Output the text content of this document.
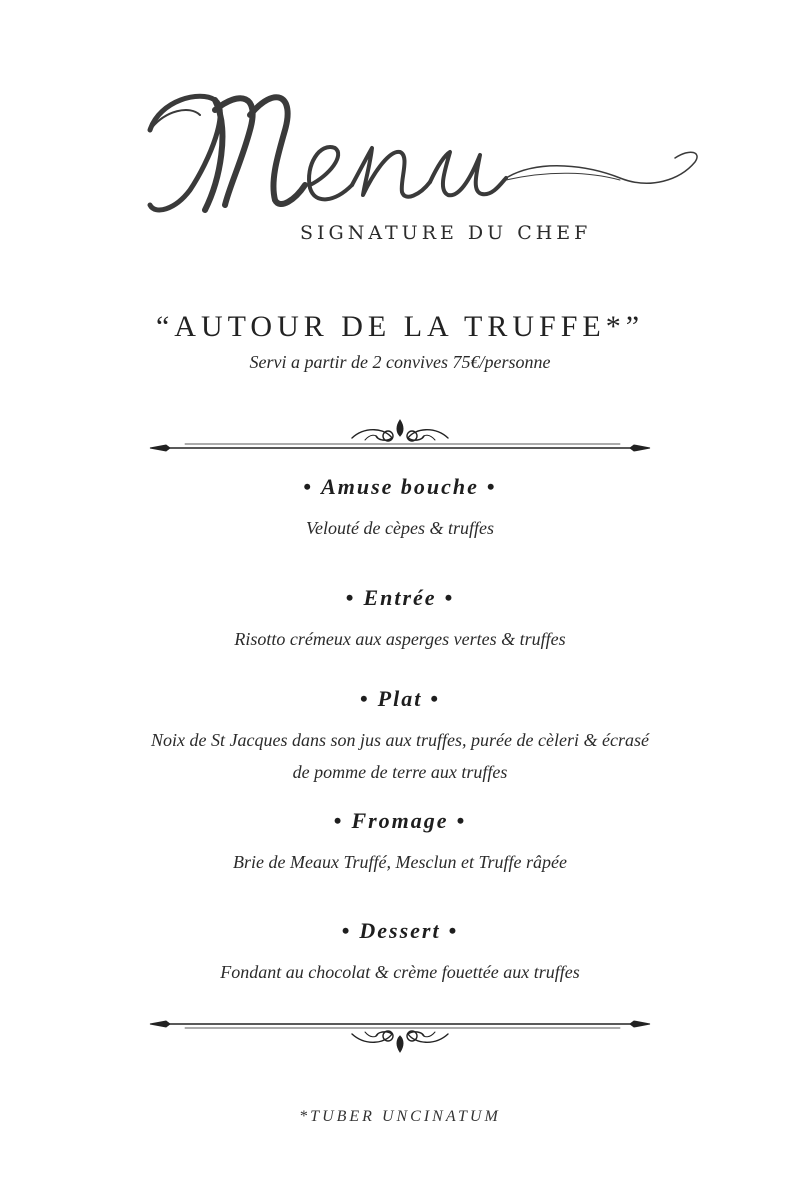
SIGNATURE DU CHEF
“AUTOUR DE LA TRUFFE*”
Servi a partir de 2 convives 75€/personne
• Amuse bouche •
Velouté de cèpes & truffes
• Entrée •
Risotto crémeux aux asperges vertes & truffes
• Plat •
Noix de St Jacques dans son jus aux truffes, purée de cèleri & écrasé
de pomme de terre aux truffes
• Fromage •
Brie de Meaux Truffé, Mesclun et Truffe râpée
• Dessert •
Fondant au chocolat & crème fouettée aux truffes
*TUBER UNCINATUM
